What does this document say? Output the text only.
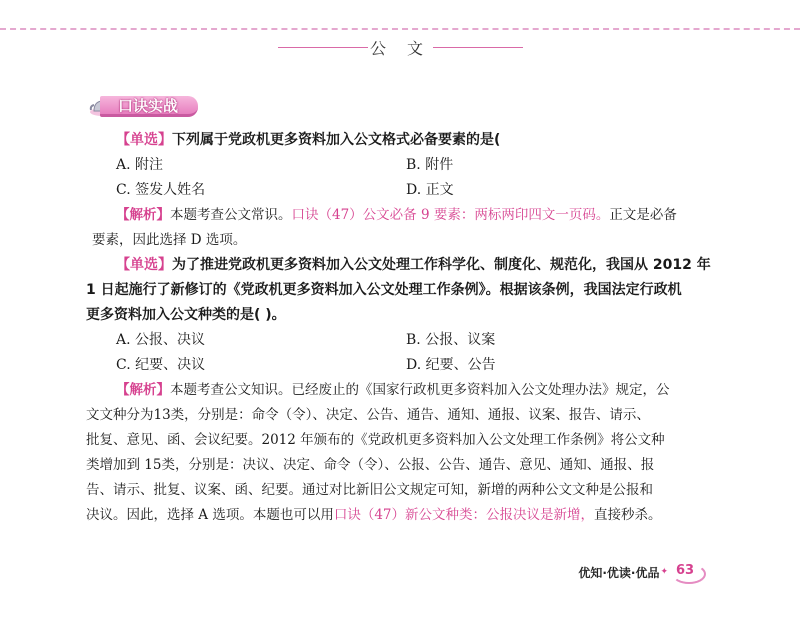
公 文
口诀实战

【单选】下列属于党政机更多资料加入公文格式必备要素的是(

A. 附注	B. 附件
C. 签发人姓名	D. 正文

【解析】本题考查公文常识。口诀（47）公文必备 9 要素：两标两印四文一页码。正文是必备
要素，因此选择 D 选项。

【单选】为了推进党政机更多资料加入公文处理工作科学化、制度化、规范化，我国从 2012 年
1 日起施行了新修订的《党政机更多资料加入公文处理工作条例》。根据该条例，我国法定行政机
更多资料加入公文种类的是( )。

A. 公报、决议	B. 公报、议案
C. 纪要、决议	D. 纪要、公告

【解析】本题考查公文知识。已经废止的《国家行政机更多资料加入公文处理办法》规定，公
文文种分为13类，分别是：命令（令）、决定、公告、通告、通知、通报、议案、报告、请示、
批复、意见、函、会议纪要。2012 年颁布的《党政机更多资料加入公文处理工作条例》将公文种
类增加到 15类，分别是：决议、决定、命令（令）、公报、公告、通告、意见、通知、通报、报
告、请示、批复、议案、函、纪要。通过对比新旧公文规定可知，新增的两种公文文种是公报和
决议。因此，选择 A 选项。本题也可以用口诀（47）新公文种类：公报决议是新增，直接秒杀。

优知·优读·优品 ✦ 63
